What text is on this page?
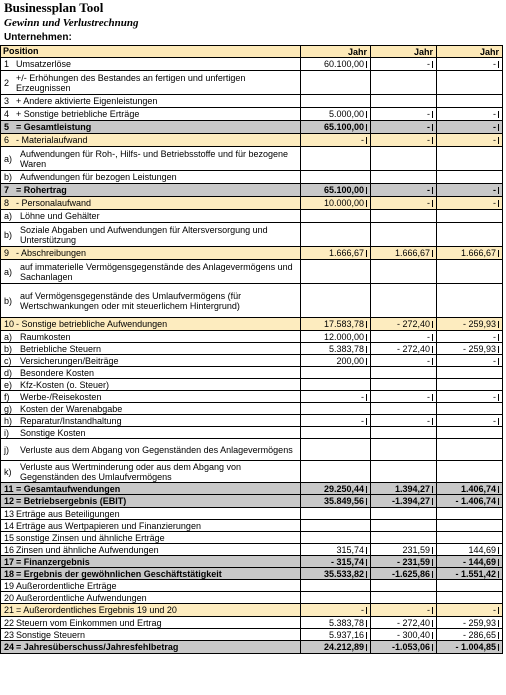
Businessplan Tool
Gewinn und Verlustrechnung
Unternehmen:
Position	Jahr	Jahr	Jahr

1 Umsatzerlöse	60.100,00	-	-

2 +/- Erhöhungen des Bestandes an fertigen und unfertigen Erzeugnissen			

3 + Andere aktivierte Eigenleistungen			

4 + Sonstige betriebliche Erträge	5.000,00	-	-

5 = Gesamtleistung	65.100,00	-	-

6 - Materialaufwand	-	-	-

a) Aufwendungen für Roh-, Hilfs- und Betriebsstoffe und für bezogene Waren			

b) Aufwendungen für bezogen Leistungen			

7 = Rohertrag	65.100,00	-	-

8 - Personalaufwand	10.000,00	-	-

a) Löhne und Gehälter			

b) Soziale Abgaben und Aufwendungen für Altersversorgung und Unterstützung			

9 - Abschreibungen	1.666,67	1.666,67	1.666,67

a) auf immaterielle Vermögensgegenstände des Anlagevermögens und Sachanlagen			

b) auf Vermögensgegenstände des Umlaufvermögens (für Wertschwankungen oder mit steuerlichem Hintergrund)			

10 - Sonstige betriebliche Aufwendungen	17.583,78	- 272,40	- 259,93

a) Raumkosten	12.000,00	-	-

b) Betriebliche Steuern	5.383,78	- 272,40	- 259,93

c) Versicherungen/Beiträge	200,00	-	-

d) Besondere Kosten			

e) Kfz-Kosten (o. Steuer)			

f) Werbe-/Reisekosten	-	-	-

g) Kosten der Warenabgabe			

h) Reparatur/Instandhaltung	-	-	-

i) Sonstige Kosten			

j) Verluste aus dem Abgang von Gegenständen des Anlagevermögens			

k) Verluste aus Wertminderung oder aus dem Abgang von Gegenständen des Umlaufvermögens			

11 = Gesamtaufwendungen	29.250,44	1.394,27	1.406,74

12 = Betriebsergebnis (EBIT)	35.849,56	-1.394,27	- 1.406,74

13 Erträge aus Beteiligungen			

14 Erträge aus Wertpapieren und Finanzierungen			

15 sonstige Zinsen und ähnliche Erträge			

16 Zinsen und ähnliche Aufwendungen	315,74	231,59	144,69

17 = Finanzergebnis	- 315,74	- 231,59	- 144,69

18 = Ergebnis der gewöhnlichen Geschäftstätigkeit	35.533,82	-1.625,86	- 1.551,42

19 Außerordentliche Erträge			

20 Außerordentliche Aufwendungen			

21 = Außerordentliches Ergebnis 19 und 20	-	-	-

22 Steuern vom Einkommen und Ertrag	5.383,78	- 272,40	- 259,93

23 Sonstige Steuern	5.937,16	- 300,40	- 286,65

24 = Jahresüberschuss/Jahresfehlbetrag	24.212,89	-1.053,06	- 1.004,85
